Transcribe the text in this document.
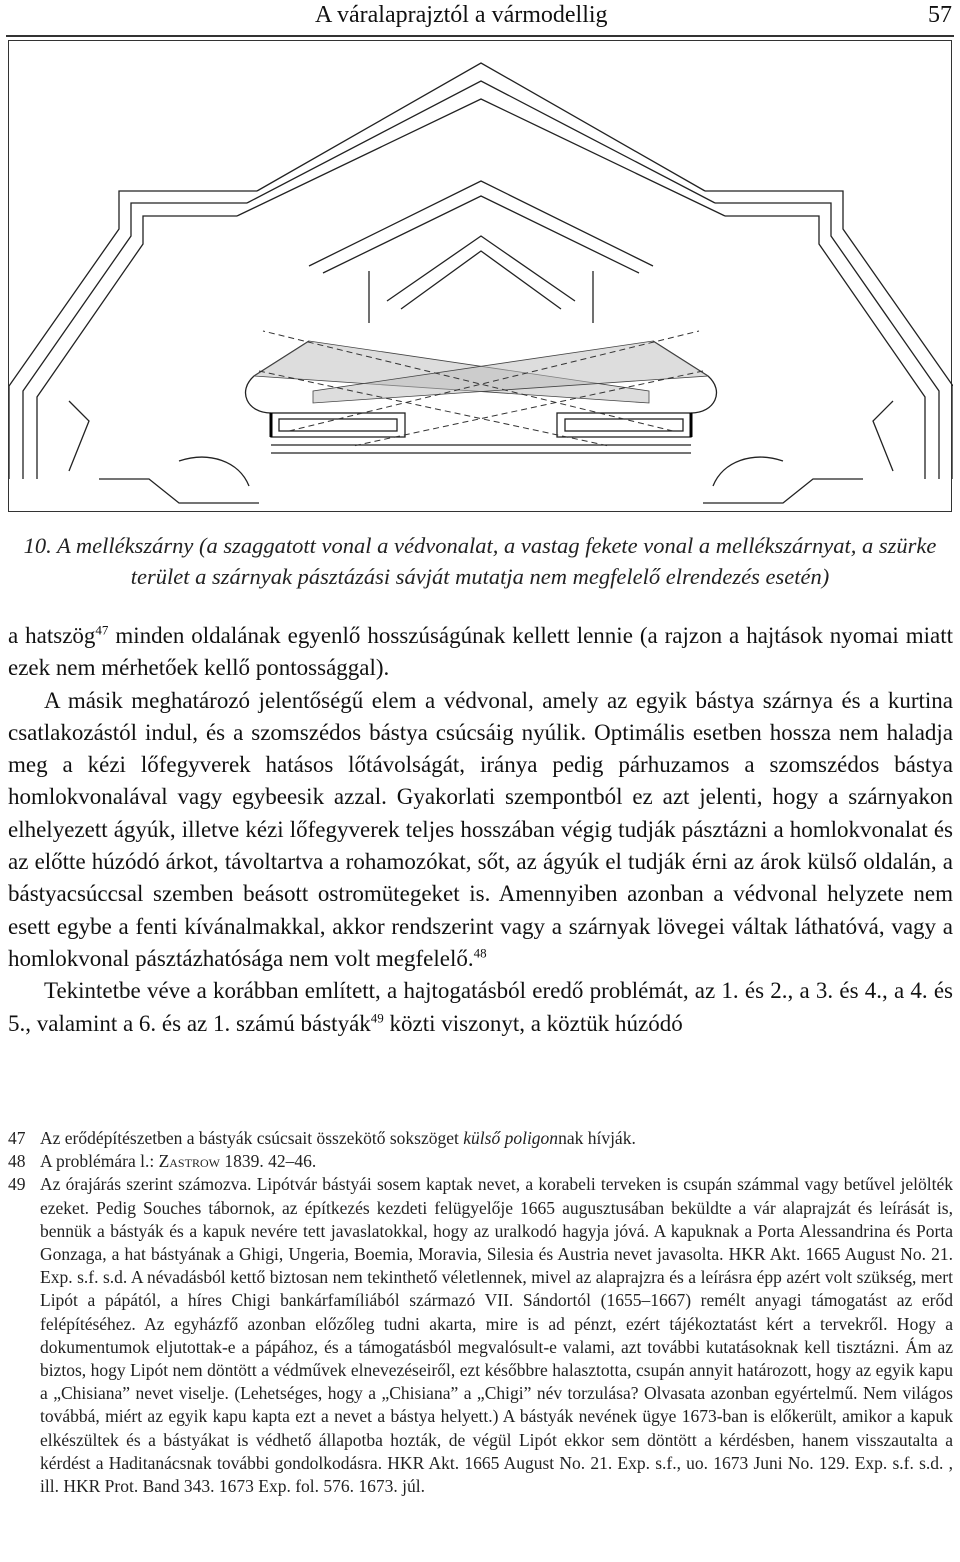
A váralaprajztól a vármodellig	57
10. A mellékszárny (a szaggatott vonal a védvonalat, a vastag fekete vonal a mellékszárnyat, a szürke terület a szárnyak pásztázási sávját mutatja nem megfelelő elrendezés esetén)

a hatszög$^{47}$ minden oldalának egyenlő hosszúságúnak kellett lennie (a rajzon a hajtások nyomai miatt ezek nem mérhetőek kellő pontossággal).

A másik meghatározó jelentőségű elem a védvonal, amely az egyik bástya szárnya és a kurtina csatlakozástól indul, és a szomszédos bástya csúcsáig nyúlik. Optimális esetben hossza nem haladja meg a kézi lőfegyverek hatásos lőtávolságát, iránya pedig párhuzamos a szomszédos bástya homlokvonalával vagy egybeesik azzal. Gyakorlati szempontból ez azt jelenti, hogy a szárnyakon elhelyezett ágyúk, illetve kézi lőfegyverek teljes hosszában végig tudják pásztázni a homlokvonalat és az előtte húzódó árkot, távoltartva a rohamozókat, sőt, az ágyúk el tudják érni az árok külső oldalán, a bástyacsúccsal szemben beásott ostromütegeket is. Amennyiben azonban a védvonal helyzete nem esett egybe a fenti kívánalmakkal, akkor rendszerint vagy a szárnyak lövegei váltak láthatóvá, vagy a homlokvonal pásztázhatósága nem volt megfelelő.$^{48}$

Tekintetbe véve a korábban említett, a hajtogatásból eredő problémát, az 1. és 2., a 3. és 4., a 4. és 5., valamint a 6. és az 1. számú bástyák$^{49}$ közti viszonyt, a köztük húzódó

47 Az erődépítészetben a bástyák csúcsait összekötő sokszöget külső poligonnak hívják.
48 A problémára l.: Zastrow 1839. 42–46.
49 Az órajárás szerint számozva. Lipótvár bástyái sosem kaptak nevet, a korabeli terveken is csupán számmal vagy betűvel jelölték ezeket. Pedig Souches tábornok, az építkezés kezdeti felügyelője 1665 augusztusában beküldte a vár alaprajzát és leírását is, bennük a bástyák és a kapuk nevére tett javaslatokkal, hogy az uralkodó hagyja jóvá. A kapuknak a Porta Alessandrina és Porta Gonzaga, a hat bástyának a Ghigi, Ungeria, Boemia, Moravia, Silesia és Austria nevet javasolta. HKR Akt. 1665 August No. 21. Exp. s.f. s.d. A névadásból kettő biztosan nem tekinthető véletlennek, mivel az alaprajzra és a leírásra épp azért volt szükség, mert Lipót a pápától, a híres Chigi bankárfamíliából származó VII. Sándortól (1655–1667) remélt anyagi támogatást az erőd felépítéséhez. Az egyházfő azonban előzőleg tudni akarta, mire is ad pénzt, ezért tájékoztatást kért a tervekről. Hogy a dokumentumok eljutottak-e a pápához, és a támogatásból megvalósult-e valami, azt további kutatásoknak kell tisztázni. Ám az biztos, hogy Lipót nem döntött a védművek elnevezéseiről, ezt későbbre halasztotta, csupán annyit határozott, hogy az egyik kapu a „Chisiana” nevet viselje. (Lehetséges, hogy a „Chisiana” a „Chigi” név torzulása? Olvasata azonban egyértelmű. Nem világos továbbá, miért az egyik kapu kapta ezt a nevet a bástya helyett.) A bástyák nevének ügye 1673-ban is előkerült, amikor a kapuk elkészültek és a bástyákat is védhető állapotba hozták, de végül Lipót ekkor sem döntött a kérdésben, hanem visszautalta a kérdést a Haditanácsnak további gondolkodásra. HKR Akt. 1665 August No. 21. Exp. s.f., uo. 1673 Juni No. 129. Exp. s.f. s.d. , ill. HKR Prot. Band 343. 1673 Exp. fol. 576. 1673. júl.
